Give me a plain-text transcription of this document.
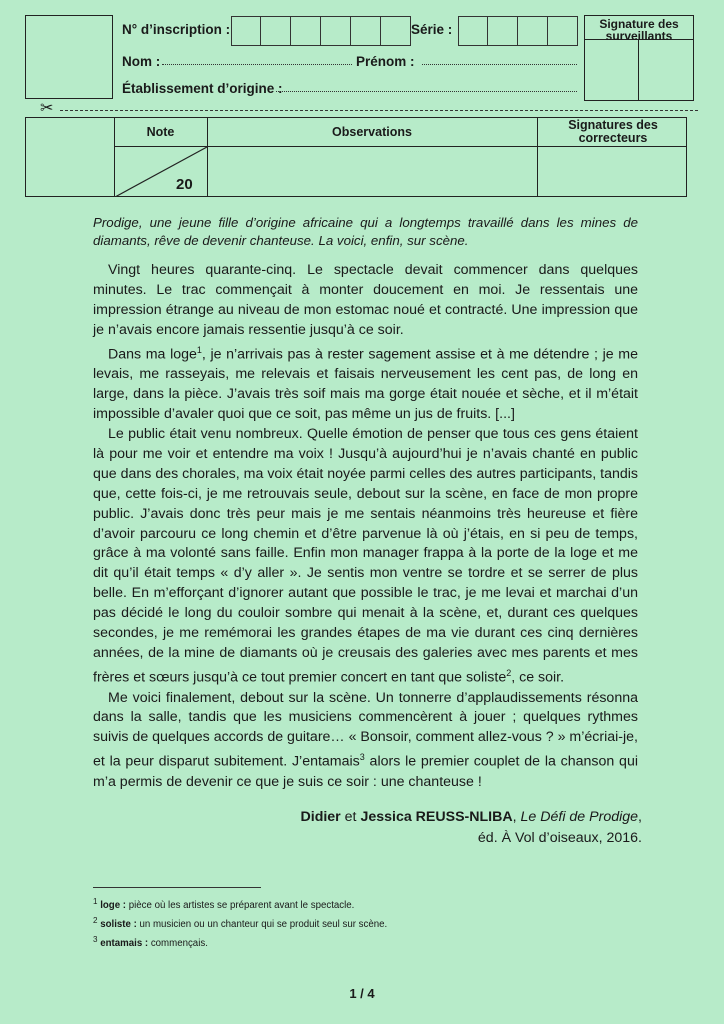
N° d’inscription :	Série :	Signature des surveillants
Nom :	Prénom :
Établissement d’origine :
✂
Note	Observations	Signatures des correcteurs
20
Prodige, une jeune fille d’origine africaine qui a longtemps travaillé dans les mines de diamants, rêve de devenir chanteuse. La voici, enfin, sur scène.

Vingt heures quarante-cinq. Le spectacle devait commencer dans quelques minutes. Le trac commençait à monter doucement en moi. Je ressentais une impression étrange au niveau de mon estomac noué et contracté. Une impression que je n’avais encore jamais ressentie jusqu’à ce soir.

Dans ma loge$^1$, je n’arrivais pas à rester sagement assise et à me détendre ; je me levais, me rasseyais, me relevais et faisais nerveusement les cent pas, de long en large, dans la pièce. J’avais très soif mais ma gorge était nouée et sèche, et il m’était impossible d’avaler quoi que ce soit, pas même un jus de fruits. [...]

Le public était venu nombreux. Quelle émotion de penser que tous ces gens étaient là pour me voir et entendre ma voix ! Jusqu’à aujourd’hui je n’avais chanté en public que dans des chorales, ma voix était noyée parmi celles des autres participants, tandis que, cette fois-ci, je me retrouvais seule, debout sur la scène, en face de mon propre public. J’avais donc très peur mais je me sentais néanmoins très heureuse et fière d’avoir parcouru ce long chemin et d’être parvenue là où j’étais, en si peu de temps, grâce à ma volonté sans faille. Enfin mon manager frappa à la porte de la loge et me dit qu’il était temps « d’y aller ». Je sentis mon ventre se tordre et se serrer de plus belle. En m’efforçant d’ignorer autant que possible le trac, je me levai et marchai d’un pas décidé le long du couloir sombre qui menait à la scène, et, durant ces quelques secondes, je me remémorai les grandes étapes de ma vie durant ces cinq dernières années, de la mine de diamants où je creusais des galeries avec mes parents et mes frères et sœurs jusqu’à ce tout premier concert en tant que soliste$^2$, ce soir.

Me voici finalement, debout sur la scène. Un tonnerre d’applaudissements résonna dans la salle, tandis que les musiciens commencèrent à jouer ; quelques rythmes suivis de quelques accords de guitare… « Bonsoir, comment allez-vous ? » m’écriai-je, et la peur disparut subitement. J’entamais$^3$ alors le premier couplet de la chanson qui m’a permis de devenir ce que je suis ce soir : une chanteuse !

Didier et Jessica REUSS-NLIBA, Le Défi de Prodige,
éd. À Vol d’oiseaux, 2016.
$^1$ loge : pièce où les artistes se préparent avant le spectacle.
$^2$ soliste : un musicien ou un chanteur qui se produit seul sur scène.
$^3$ entamais : commençais.
1 / 4
